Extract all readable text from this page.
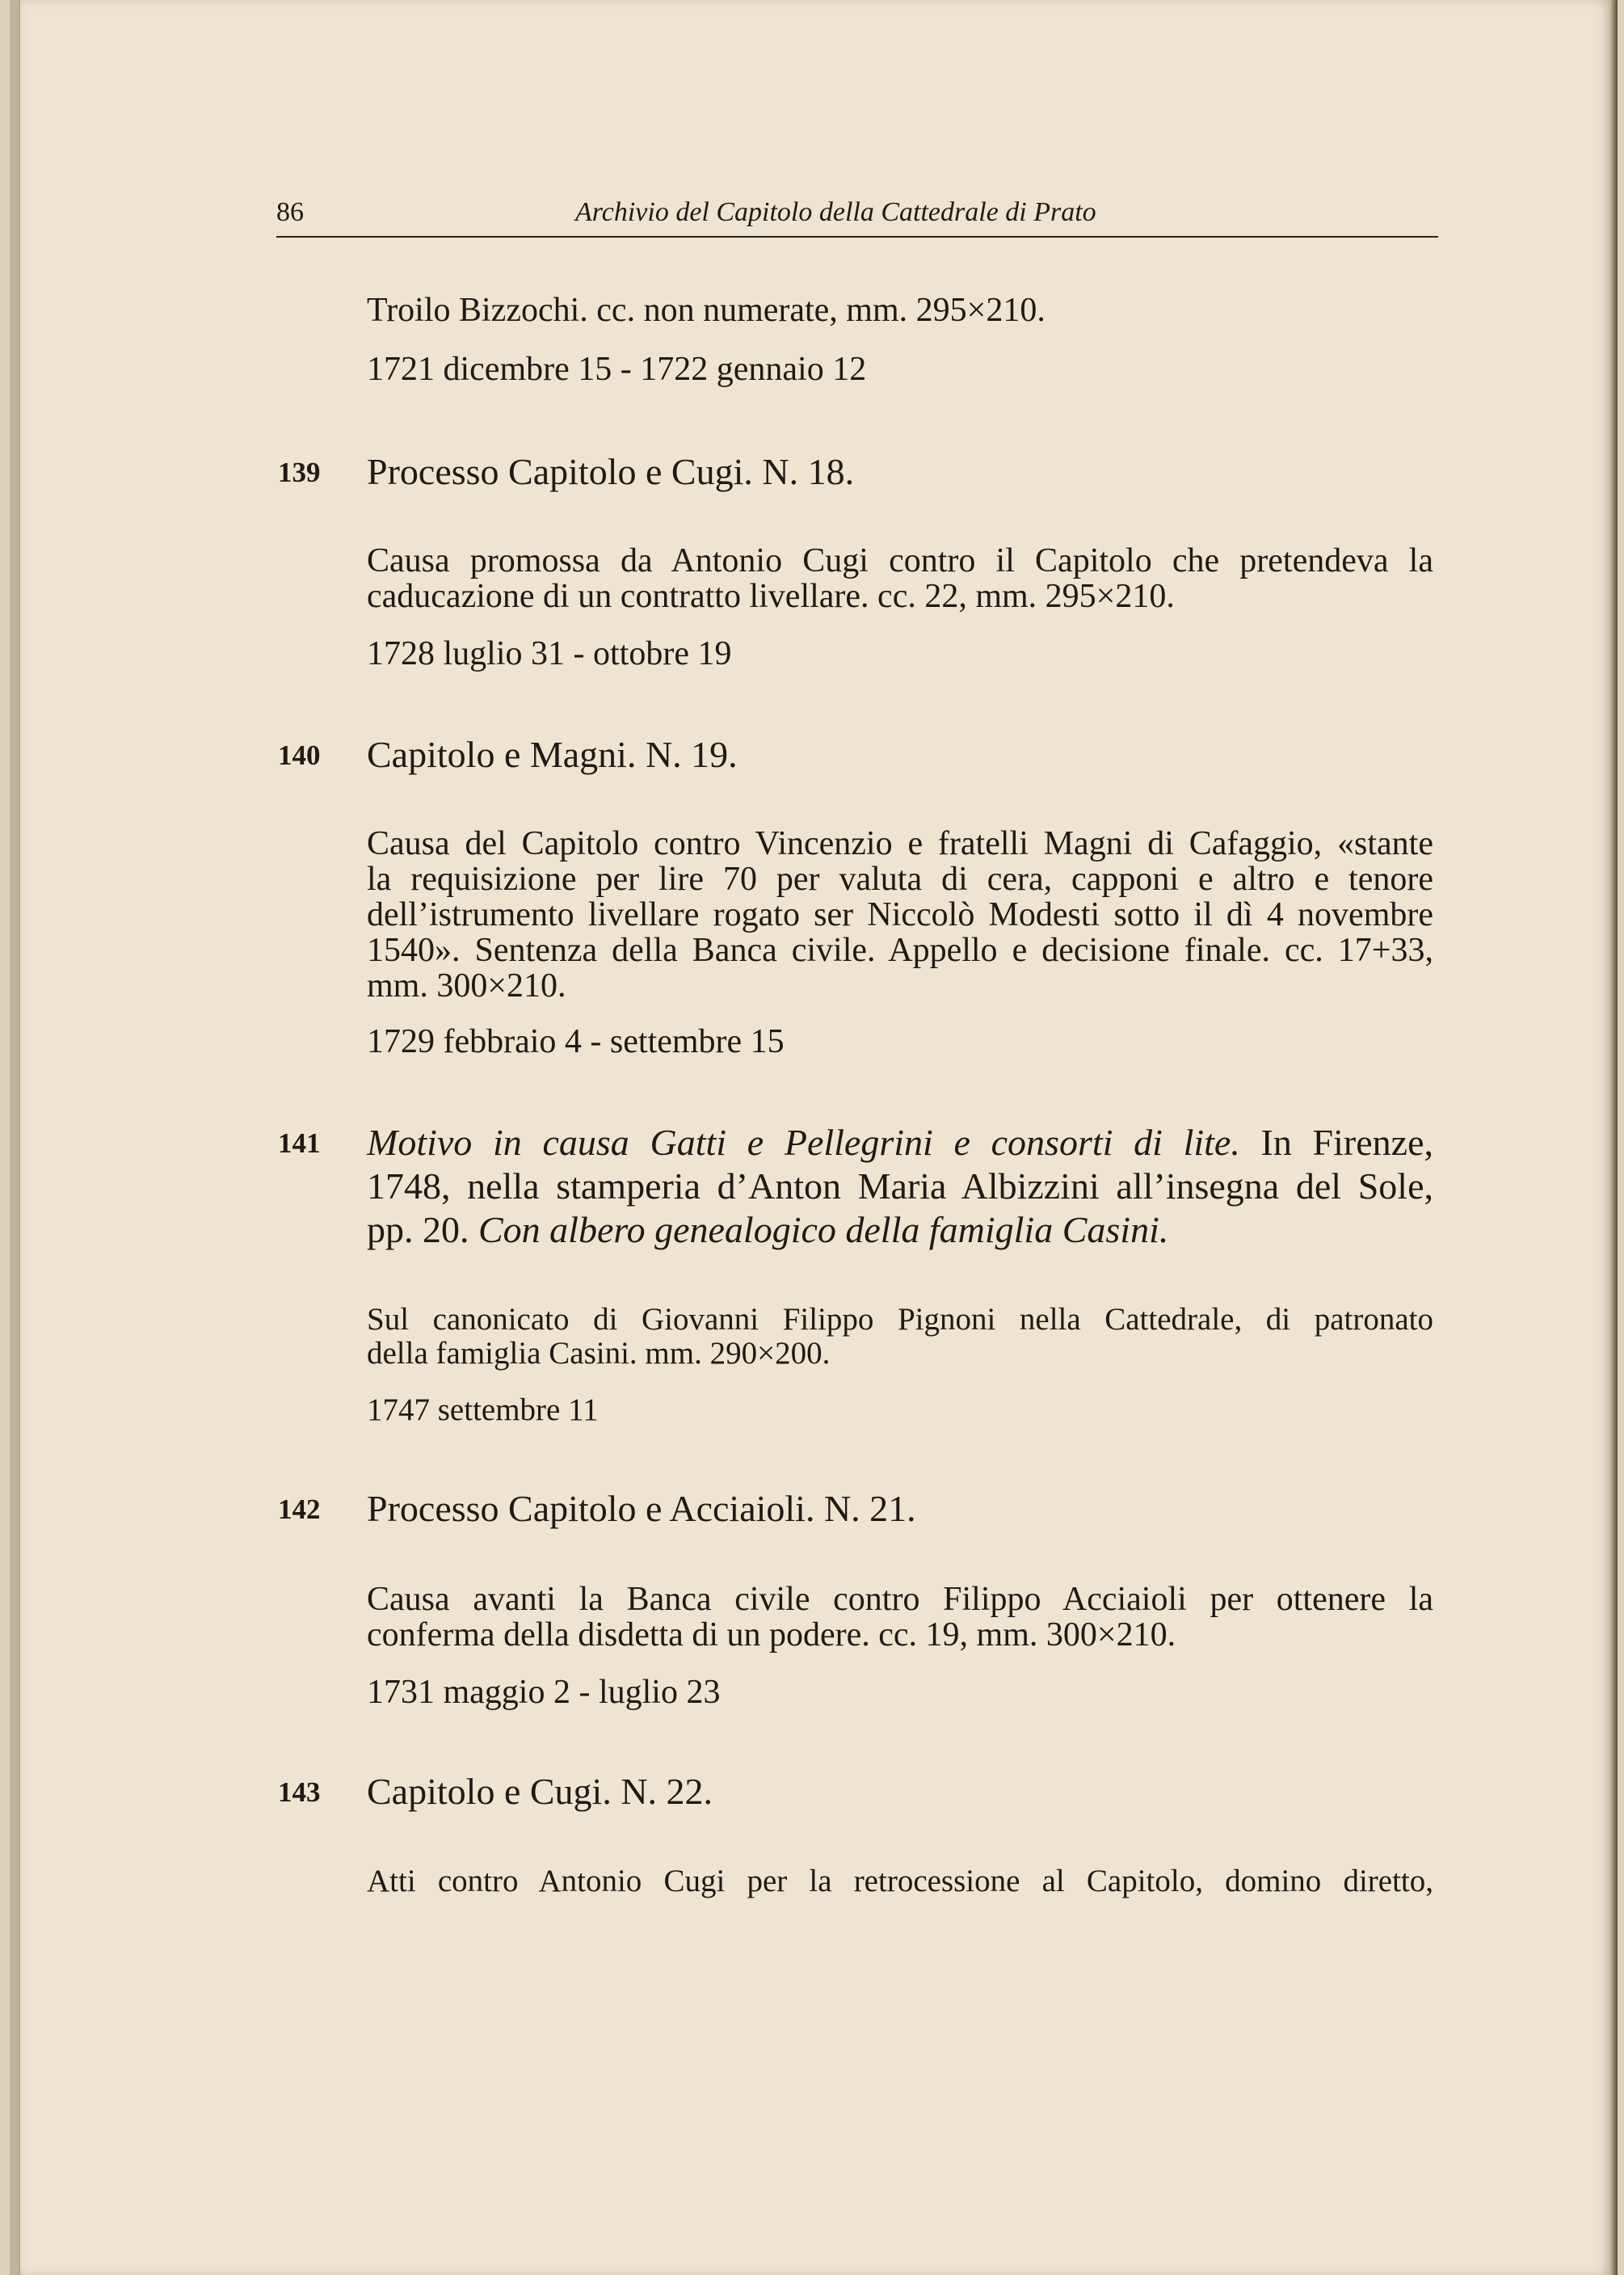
86	Archivio del Capitolo della Cattedrale di Prato
Troilo Bizzochi. cc. non numerate, mm. 295×210.
1721 dicembre 15 - 1722 gennaio 12
139 Processo Capitolo e Cugi. N. 18.
Causa promossa da Antonio Cugi contro il Capitolo che pretendeva la
caducazione di un contratto livellare. cc. 22, mm. 295×210.
1728 luglio 31 - ottobre 19
140 Capitolo e Magni. N. 19.
Causa del Capitolo contro Vincenzio e fratelli Magni di Cafaggio, «stante
la requisizione per lire 70 per valuta di cera, capponi e altro e tenore
dell’istrumento livellare rogato ser Niccolò Modesti sotto il dì 4 novembre
1540». Sentenza della Banca civile. Appello e decisione finale. cc. 17+33,
mm. 300×210.
1729 febbraio 4 - settembre 15
141 Motivo in causa Gatti e Pellegrini e consorti di lite. In Firenze,
1748, nella stamperia d’Anton Maria Albizzini all’insegna del Sole,
pp. 20. Con albero genealogico della famiglia Casini.
Sul canonicato di Giovanni Filippo Pignoni nella Cattedrale, di patronato
della famiglia Casini. mm. 290×200.
1747 settembre 11
142 Processo Capitolo e Acciaioli. N. 21.
Causa avanti la Banca civile contro Filippo Acciaioli per ottenere la
conferma della disdetta di un podere. cc. 19, mm. 300×210.
1731 maggio 2 - luglio 23
143 Capitolo e Cugi. N. 22.
Atti contro Antonio Cugi per la retrocessione al Capitolo, domino diretto,
